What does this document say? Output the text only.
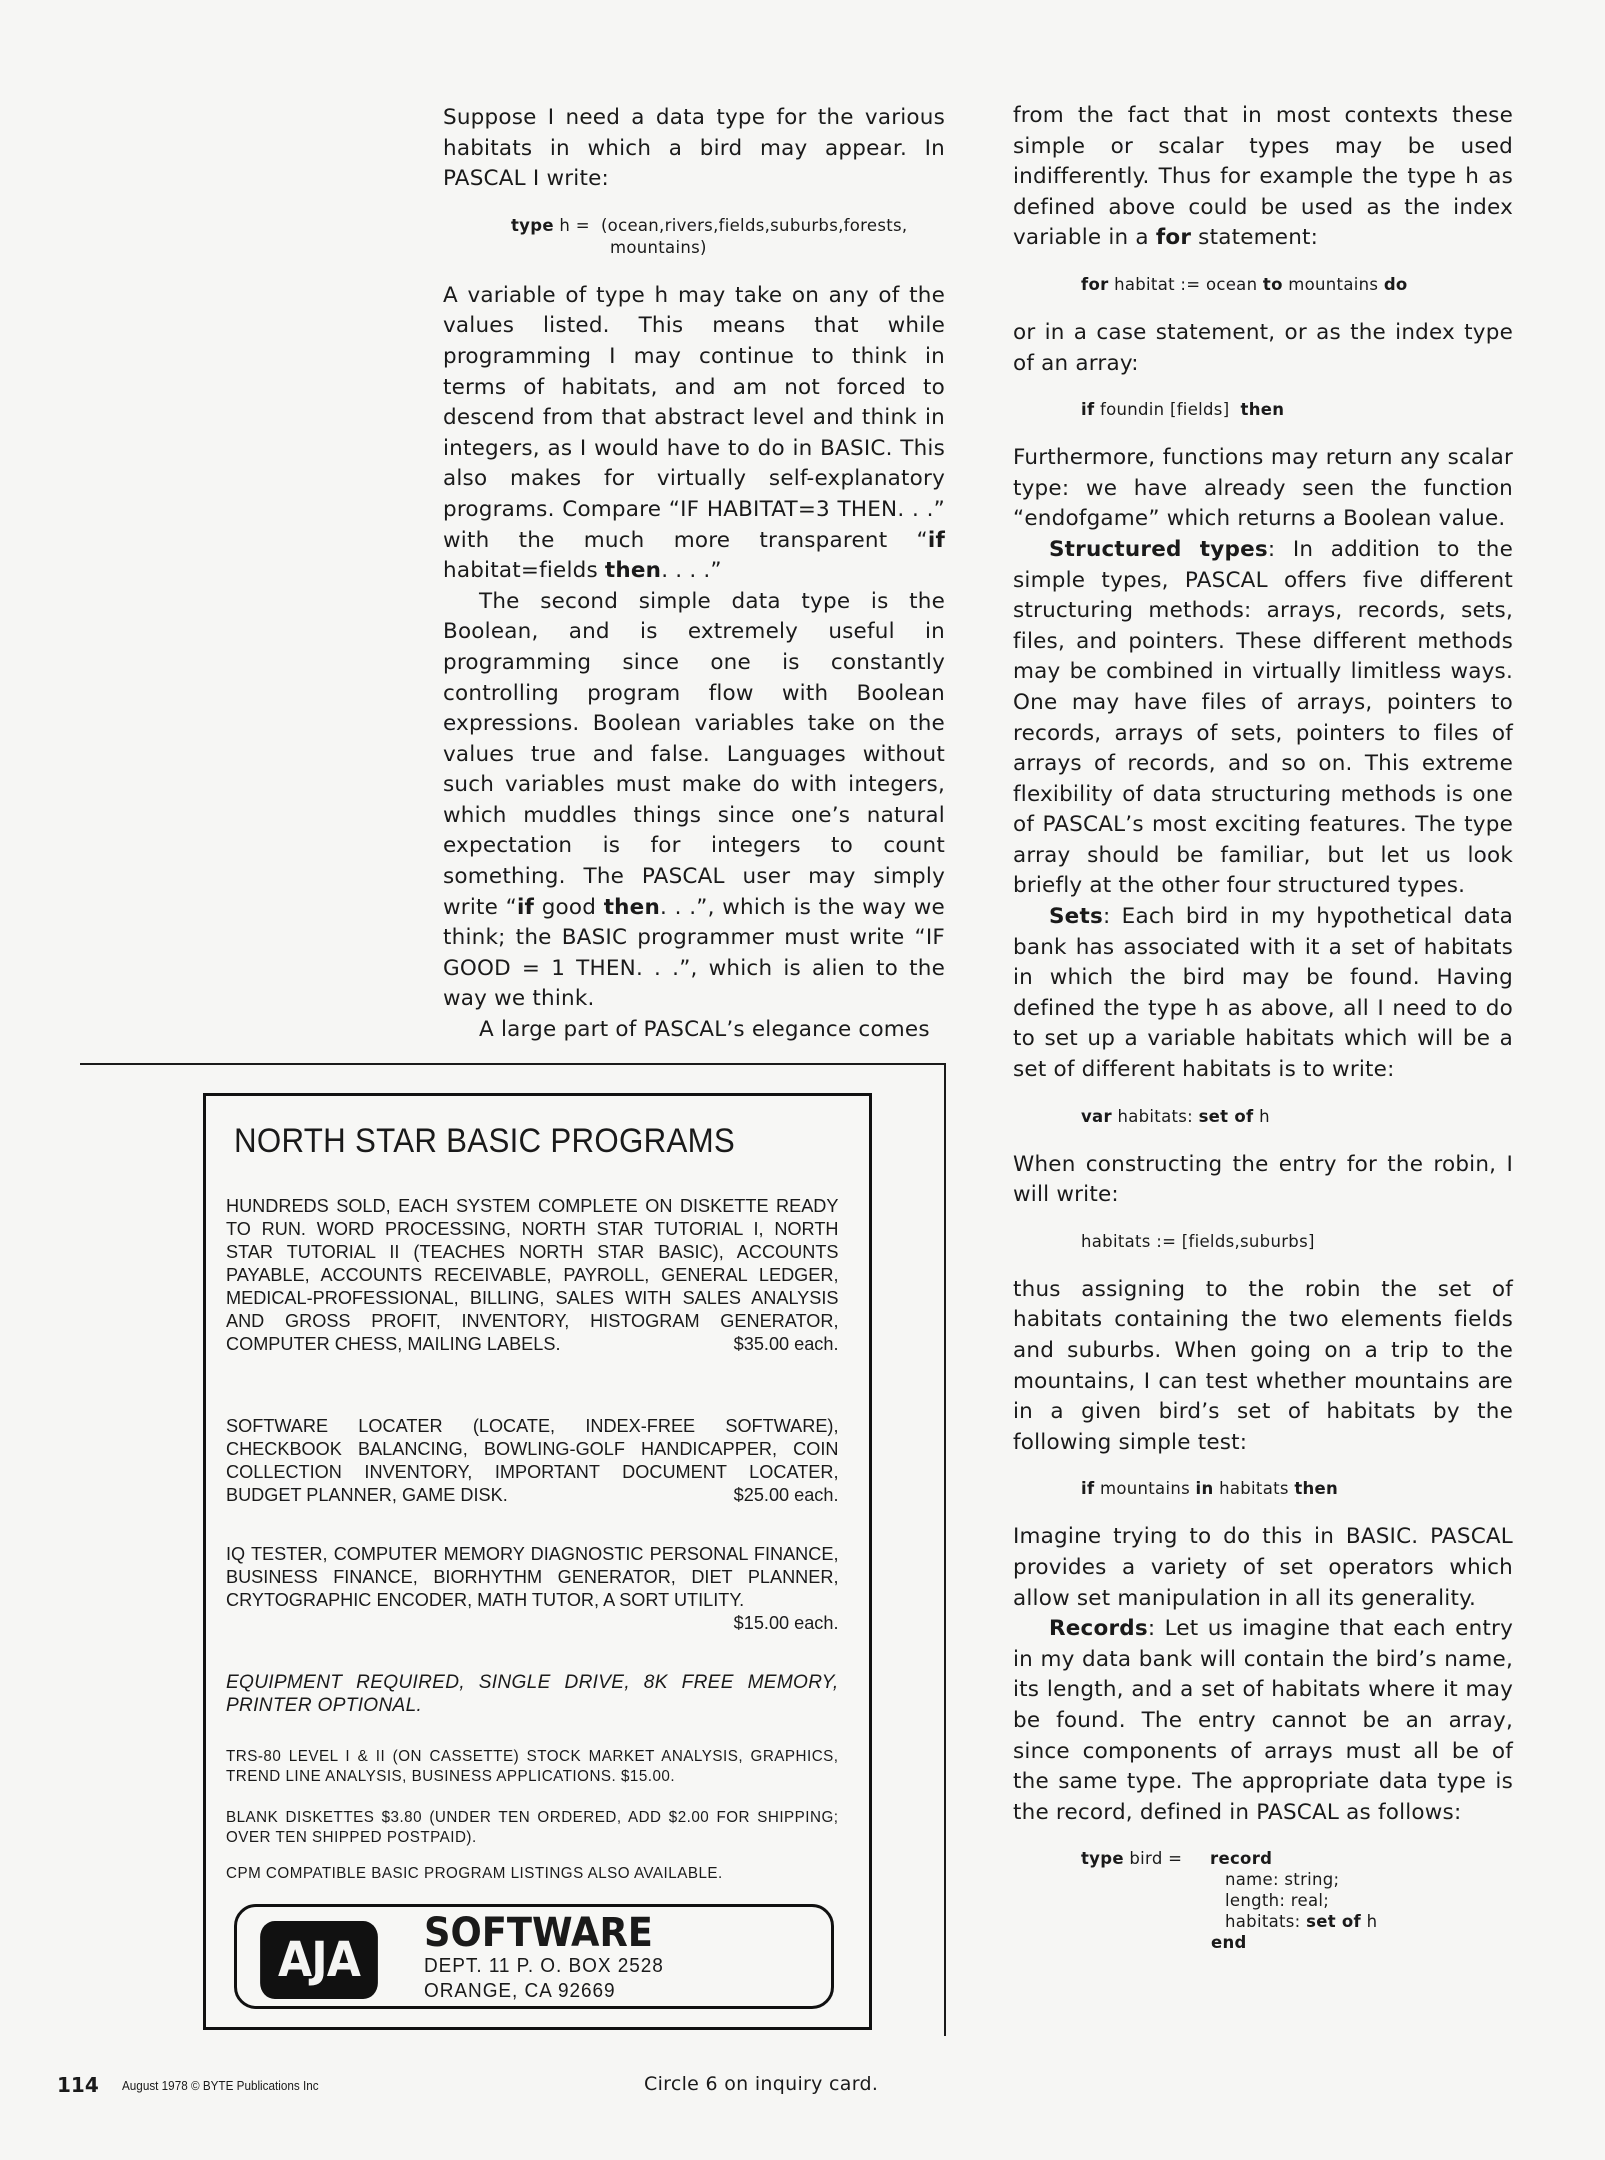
Suppose I need a data type for the various habitats in which a bird may appear. In PASCAL I write:

type h =  (ocean,rivers,fields,suburbs,forests,
mountains)

A variable of type h may take on any of the values listed. This means that while programming I may continue to think in terms of habitats, and am not forced to descend from that abstract level and think in integers, as I would have to do in BASIC. This also makes for virtually self-explanatory programs. Compare “IF HABITAT=3 THEN. . .” with the much more transparent “if habitat=fields then. . . .”

The second simple data type is the Boolean, and is extremely useful in programming since one is constantly controlling program flow with Boolean expressions. Boolean variables take on the values true and false. Languages without such variables must make do with integers, which muddles things since one’s natural expectation is for integers to count something. The PASCAL user may simply write “if good then. . .”, which is the way we think; the BASIC programmer must write “IF GOOD = 1 THEN. . .”, which is alien to the way we think.

A large part of PASCAL’s elegance comes

NORTH STAR BASIC PROGRAMS
HUNDREDS SOLD, EACH SYSTEM COMPLETE ON DISKETTE READY TO RUN. WORD PROCESSING, NORTH STAR TUTORIAL I, NORTH STAR TUTORIAL II (TEACHES NORTH STAR BASIC), ACCOUNTS PAYABLE, ACCOUNTS RECEIVABLE, PAYROLL, GENERAL LEDGER, MEDICAL-PROFESSIONAL, BILLING, SALES WITH SALES ANALYSIS AND GROSS PROFIT, INVENTORY, HISTOGRAM GENERATOR, COMPUTER CHESS, MAILING LABELS.	$35.00 each.
SOFTWARE LOCATER (LOCATE, INDEX-FREE SOFTWARE), CHECKBOOK BALANCING, BOWLING-GOLF HANDICAPPER, COIN COLLECTION INVENTORY, IMPORTANT DOCUMENT LOCATER, BUDGET PLANNER, GAME DISK.	$25.00 each.
IQ TESTER, COMPUTER MEMORY DIAGNOSTIC PERSONAL FINANCE, BUSINESS FINANCE, BIORHYTHM GENERATOR, DIET PLANNER, CRYTOGRAPHIC ENCODER, MATH TUTOR, A SORT UTILITY.
$15.00 each.
EQUIPMENT REQUIRED, SINGLE DRIVE, 8K FREE MEMORY, PRINTER OPTIONAL.
TRS-80 LEVEL I & II (ON CASSETTE) STOCK MARKET ANALYSIS, GRAPHICS, TREND LINE ANALYSIS, BUSINESS APPLICATIONS. $15.00.
BLANK DISKETTES $3.80 (UNDER TEN ORDERED, ADD $2.00 FOR SHIPPING; OVER TEN SHIPPED POSTPAID).
CPM COMPATIBLE BASIC PROGRAM LISTINGS ALSO AVAILABLE.
AJA	SOFTWARE
DEPT. 11 P. O. BOX 2528
ORANGE, CA 92669

from the fact that in most contexts these simple or scalar types may be used indifferently. Thus for example the type h as defined above could be used as the index variable in a for statement:

for habitat := ocean to mountains do

or in a case statement, or as the index type of an array:

if foundin [fields]  then

Furthermore, functions may return any scalar type: we have already seen the function “endofgame” which returns a Boolean value.

Structured types: In addition to the simple types, PASCAL offers five different structuring methods: arrays, records, sets, files, and pointers. These different methods may be combined in virtually limitless ways. One may have files of arrays, pointers to records, arrays of sets, pointers to files of arrays of records, and so on. This extreme flexibility of data structuring methods is one of PASCAL’s most exciting features. The type array should be familiar, but let us look briefly at the other four structured types.

Sets: Each bird in my hypothetical data bank has associated with it a set of habitats in which the bird may be found. Having defined the type h as above, all I need to do to set up a variable habitats which will be a set of different habitats is to write:

var habitats: set of h

When constructing the entry for the robin, I will write:

habitats := [fields,suburbs]

thus assigning to the robin the set of habitats containing the two elements fields and suburbs. When going on a trip to the mountains, I can test whether mountains are in a given bird’s set of habitats by the following simple test:

if mountains in habitats then

Imagine trying to do this in BASIC. PASCAL provides a variety of set operators which allow set manipulation in all its generality.

Records: Let us imagine that each entry in my data bank will contain the bird’s name, its length, and a set of habitats where it may be found. The entry cannot be an array, since components of arrays must all be of the same type. The appropriate data type is the record, defined in PASCAL as follows:

type bird =     record
name: string;
length: real;
habitats: set of h
end
114 August 1978 © BYTE Publications Inc	Circle 6 on inquiry card.
